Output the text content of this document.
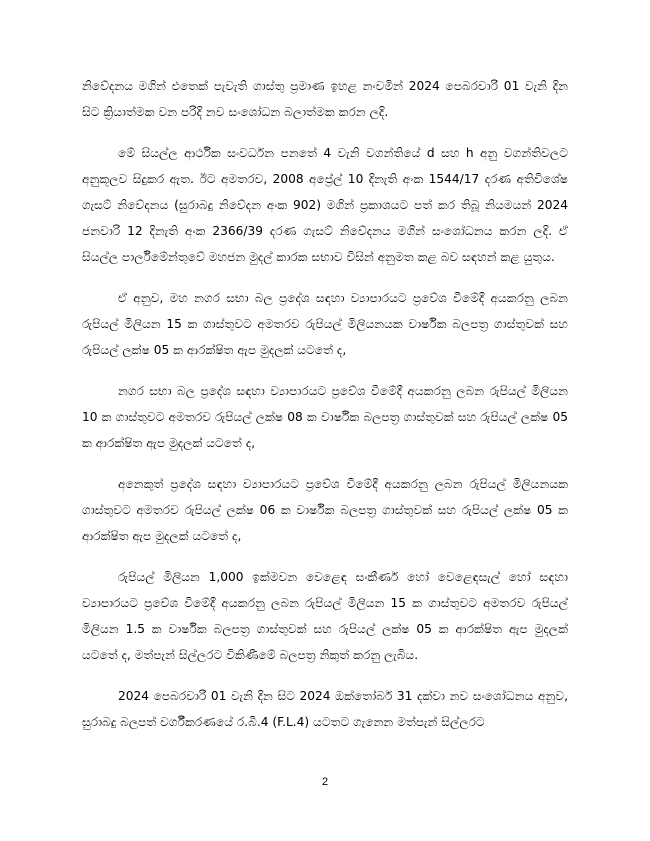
නිවේදනය මගින් එතෙක් පැවැති ගාස්තු ප්‍රමාණ ඉහළ නංවමින් 2024 පෙබරවාරි 01 වැනි දින සිට ක්‍රියාත්මක වන පරිදි නව සංශෝධන බලාත්මක කරන ලදි.

මේ සියල්ල ආර්ථික සංවර්ධන පනතේ 4 වැනි වගන්තියේ d සහ h අනු වගන්තිවලට අනුකූලව සිදුකර ඇත. ඊට අමතරව, 2008 අප්‍රේල් 10 දිනැති අංක 1544/17 දරණ අතිවිශේෂ ගැසට් නිවේදනය (සුරාබදු නිවේදන අංක 902) මගින් ප්‍රකාශයට පත් කර තිබූ නියමයන් 2024 ජනවාරි 12 දිනැති අංක 2366/39 දරණ ගැසට් නිවේදනය මගින් සංශෝධනය කරන ලදි. ඒ සියල්ල පාර්ලිමේන්තුවේ මහජන මුදල් කාරක සභාව විසින් අනුමත කළ බව සඳහන් කළ යුතුය.

ඒ අනුව, මහ නගර සභා බල ප්‍රදේශ සඳහා ව්‍යාපාරයට ප්‍රවේශ වීමේදී අයකරනු ලබන රුපියල් මිලියන 15 ක ගාස්තුවට අමතරව රුපියල් මිලියනයක වාර්ෂික බලපත්‍ර ගාස්තුවක් සහ රුපියල් ලක්ෂ 05 ක ආරක්ෂිත ඇප මුදලක් යටතේ ද,

නගර සභා බල ප්‍රදේශ සඳහා ව්‍යාපාරයට ප්‍රවේශ වීමේදී අයකරනු ලබන රුපියල් මිලියන 10 ක ගාස්තුවට අමතරව රුපියල් ලක්ෂ 08 ක වාර්ෂික බලපත්‍ර ගාස්තුවක් සහ රුපියල් ලක්ෂ 05 ක ආරක්ෂිත ඇප මුදලක් යටතේ ද,

අනෙකුත් ප්‍රදේශ සඳහා ව්‍යාපාරයට ප්‍රවේශ වීමේදී අයකරනු ලබන රුපියල් මිලියනයක ගාස්තුවට අමතරව රුපියල් ලක්ෂ 06 ක වාර්ෂික බලපත්‍ර ගාස්තුවක් සහ රුපියල් ලක්ෂ 05 ක ආරක්ෂිත ඇප මුදලක් යටතේ ද,

රුපියල් මිලියන 1,000 ඉක්මවන වෙළෙඳ සංකීර්ණ හෝ වෙළෙඳසැල් හෝ සඳහා ව්‍යාපාරයට ප්‍රවේශ වීමේදී අයකරනු ලබන රුපියල් මිලියන 15 ක ගාස්තුවට අමතරව රුපියල් මිලියන 1.5 ක වාර්ෂික බලපත්‍ර ගාස්තුවක් සහ රුපියල් ලක්ෂ 05 ක ආරක්ෂිත ඇප මුදලක් යටතේ ද, මත්පැන් සිල්ලරට විකිණීමේ බලපත්‍ර නිකුත් කරනු ලැබිය.

2024 පෙබරවාරි 01 වැනි දින සිට 2024 ඔක්තෝබර් 31 දක්වා නව සංශෝධනය අනුව, සුරාබදු බලපත් වර්ගීකරණයේ ර.බී.4 (F.L.4) යටතට ගැනෙන මත්පැන් සිල්ලරට

2
